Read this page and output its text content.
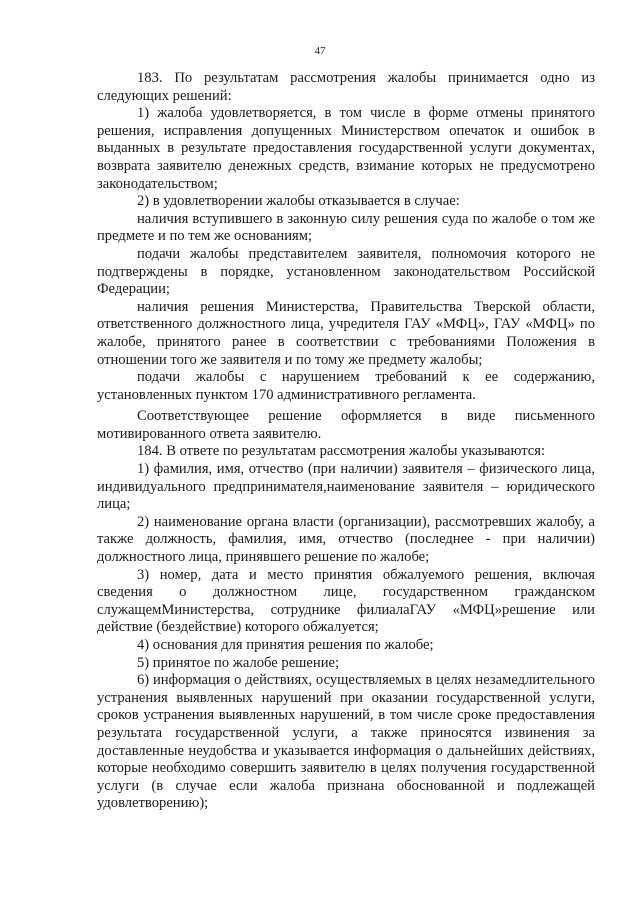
47

183. По результатам рассмотрения жалобы принимается одно из следующих решений:

1) жалоба удовлетворяется, в том числе в форме отмены принятого решения, исправления допущенных Министерством опечаток и ошибок в выданных в результате предоставления государственной услуги документах, возврата заявителю денежных средств, взимание которых не предусмотрено законодательством;

2) в удовлетворении жалобы отказывается в случае:

наличия вступившего в законную силу решения суда по жалобе о том же предмете и по тем же основаниям;

подачи жалобы представителем заявителя, полномочия которого не подтверждены в порядке, установленном законодательством Российской Федерации;

наличия решения Министерства, Правительства Тверской области, ответственного должностного лица, учредителя ГАУ «МФЦ», ГАУ «МФЦ» по жалобе, принятого ранее в соответствии с требованиями Положения в отношении того же заявителя и по тому же предмету жалобы;

подачи жалобы с нарушением требований к ее содержанию, установленных пунктом 170 административного регламента.

Соответствующее решение оформляется в виде письменного мотивированного ответа заявителю.

184. В ответе по результатам рассмотрения жалобы указываются:

1) фамилия, имя, отчество (при наличии) заявителя – физического лица, индивидуального предпринимателя,наименование заявителя – юридического лица;

2) наименование органа власти (организации), рассмотревших жалобу, а также должность, фамилия, имя, отчество (последнее - при наличии) должностного лица, принявшего решение по жалобе;

3) номер, дата и место принятия обжалуемого решения, включая сведения о должностном лице, государственном гражданском служащемМинистерства, сотруднике филиалаГАУ «МФЦ»решение или действие (бездействие) которого обжалуется;

4) основания для принятия решения по жалобе;

5) принятое по жалобе решение;

6) информация о действиях, осуществляемых в целях незамедлительного устранения выявленных нарушений при оказании государственной услуги, сроков устранения выявленных нарушений, в том числе сроке предоставления результата государственной услуги, а также приносятся извинения за доставленные неудобства и указывается информация о дальнейших действиях, которые необходимо совершить заявителю в целях получения государственной услуги (в случае если жалоба признана обоснованной и подлежащей удовлетворению);
